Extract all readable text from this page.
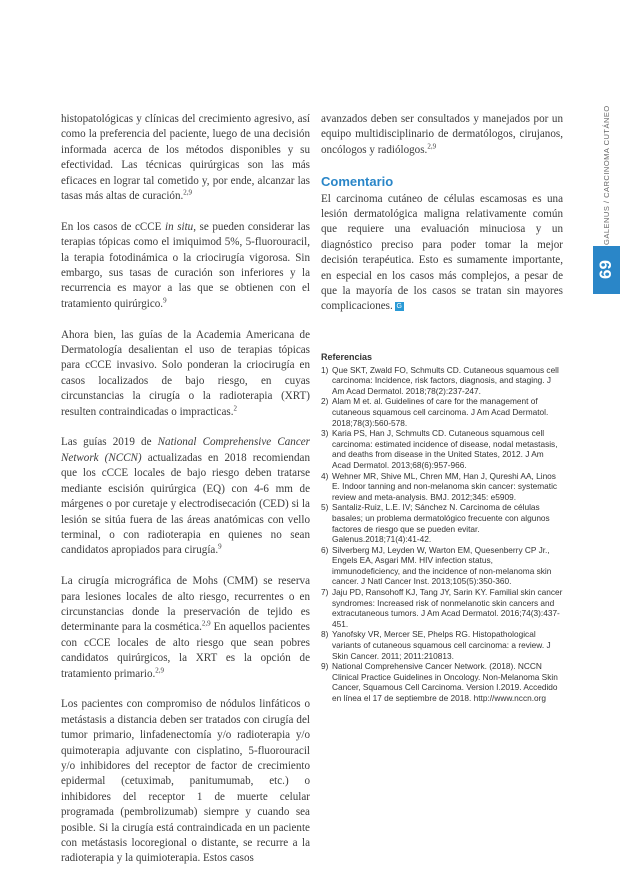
histopatológicas y clínicas del crecimiento agresivo, así como la preferencia del paciente, luego de una decisión informada acerca de los métodos disponibles y su efectividad. Las técnicas quirúrgicas son las más eficaces en lograr tal cometido y, por ende, alcanzar las tasas más altas de curación.$^{2,9}$

En los casos de cCCE in situ, se pueden considerar las terapias tópicas como el imiquimod 5%, 5-fluorouracil, la terapia fotodinámica o la criocirugía vigorosa. Sin embargo, sus tasas de curación son inferiores y la recurrencia es mayor a las que se obtienen con el tratamiento quirúrgico.$^9$

Ahora bien, las guías de la Academia Americana de Dermatología desalientan el uso de terapias tópicas para cCCE invasivo. Solo ponderan la criocirugía en casos localizados de bajo riesgo, en cuyas circunstancias la cirugía o la radioterapia (XRT) resulten contraindicadas o impracticas.$^2$

Las guías 2019 de National Comprehensive Cancer Network (NCCN) actualizadas en 2018 recomiendan que los cCCE locales de bajo riesgo deben tratarse mediante escisión quirúrgica (EQ) con 4-6 mm de márgenes o por curetaje y electrodisecación (CED) si la lesión se sitúa fuera de las áreas anatómicas con vello terminal, o con radioterapia en quienes no sean candidatos apropiados para cirugía.$^9$

La cirugía micrográfica de Mohs (CMM) se reserva para lesiones locales de alto riesgo, recurrentes o en circunstancias donde la preservación de tejido es determinante para la cosmética.$^{2,9}$ En aquellos pacientes con cCCE locales de alto riesgo que sean pobres candidatos quirúrgicos, la XRT es la opción de tratamiento primario.$^{2,9}$

Los pacientes con compromiso de nódulos linfáticos o metástasis a distancia deben ser tratados con cirugía del tumor primario, linfadenectomía y/o radioterapia y/o quimoterapia adjuvante con cisplatino, 5-fluorouracil y/o inhibidores del receptor de factor de crecimiento epidermal (cetuximab, panitumumab, etc.) o inhibidores del receptor 1 de muerte celular programada (pembrolizumab) siempre y cuando sea posible. Si la cirugía está contraindicada en un paciente con metástasis locoregional o distante, se recurre a la radioterapia y la quimioterapia. Estos casos

avanzados deben ser consultados y manejados por un equipo multidisciplinario de dermatólogos, cirujanos, oncólogos y radiólogos.$^{2,9}$

Comentario

El carcinoma cutáneo de células escamosas es una lesión dermatológica maligna relativamente común que requiere una evaluación minuciosa y un diagnóstico preciso para poder tomar la mejor decisión terapéutica. Esto es sumamente importante, en especial en los casos más complejos, a pesar de que la mayoría de los casos se tratan sin mayores complicaciones. G

Referencias
1) Que SKT, Zwald FO, Schmults CD. Cutaneous squamous cell carcinoma: Incidence, risk factors, diagnosis, and staging. J Am Acad Dermatol. 2018;78(2):237-247.
2) Alam M et. al. Guidelines of care for the management of cutaneous squamous cell carcinoma. J Am Acad Dermatol. 2018;78(3):560-578.
3) Karia PS, Han J, Schmults CD. Cutaneous squamous cell carcinoma: estimated incidence of disease, nodal metastasis, and deaths from disease in the United States, 2012. J Am Acad Dermatol. 2013;68(6):957-966.
4) Wehner MR, Shive ML, Chren MM, Han J, Qureshi AA, Linos E. Indoor tanning and non-melanoma skin cancer: systematic review and meta-analysis. BMJ. 2012;345: e5909.
5) Santaliz-Ruiz, L.E. IV; Sánchez N. Carcinoma de células basales; un problema dermatológico frecuente con algunos factores de riesgo que se pueden evitar. Galenus.2018;71(4):41-42.
6) Silverberg MJ, Leyden W, Warton EM, Quesenberry CP Jr., Engels EA, Asgari MM. HIV infection status, immunodeficiency, and the incidence of non-melanoma skin cancer. J Natl Cancer Inst. 2013;105(5):350-360.
7) Jaju PD, Ransohoff KJ, Tang JY, Sarin KY. Familial skin cancer syndromes: Increased risk of nonmelanotic skin cancers and extracutaneous tumors. J Am Acad Dermatol. 2016;74(3):437-451.
8) Yanofsky VR, Mercer SE, Phelps RG. Histopathological variants of cutaneous squamous cell carcinoma: a review. J Skin Cancer. 2011; 2011:210813.
9) National Comprehensive Cancer Network. (2018). NCCN Clinical Practice Guidelines in Oncology. Non-Melanoma Skin Cancer, Squamous Cell Carcinoma. Version I.2019. Accedido en línea el 17 de septiembre de 2018. http://www.nccn.org
GALENUS / CARCINOMA CUTÁNEO
69
